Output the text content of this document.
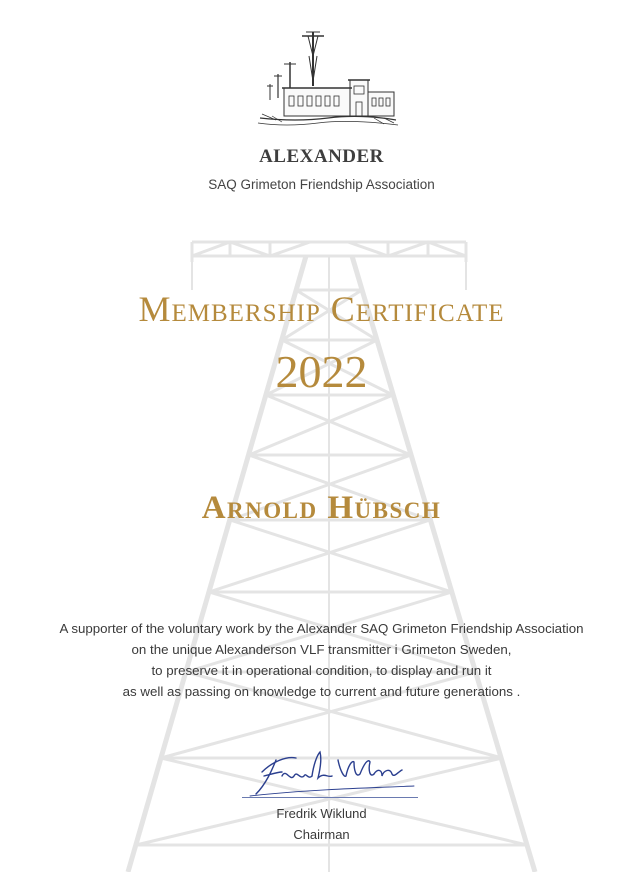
ALEXANDER
SAQ Grimeton Friendship Association
Membership Certificate
2022
Arnold Hübsch
A supporter of the voluntary work by the Alexander SAQ Grimeton Friendship Association
on the unique Alexanderson VLF transmitter i Grimeton Sweden,
to preserve it in operational condition, to display and run it
as well as passing on knowledge to current and future generations .
Fredrik Wiklund
Chairman
